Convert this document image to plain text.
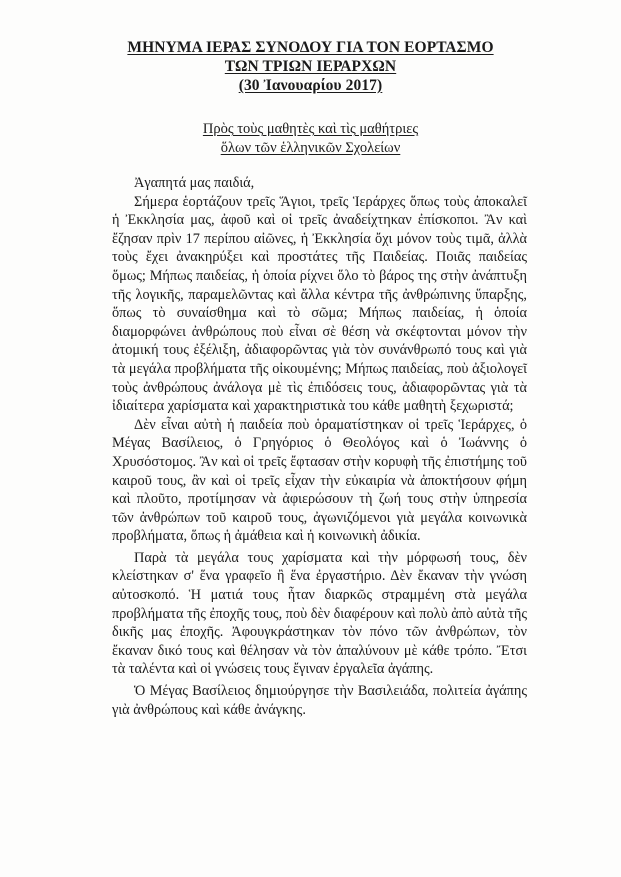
ΜΗΝΥΜΑ ΙΕΡΑΣ ΣΥΝΟΔΟΥ ΓΙΑ ΤΟΝ ΕΟΡΤΑΣΜΟ
ΤΩΝ ΤΡΙΩΝ ΙΕΡΑΡΧΩΝ
(30 Ἰανουαρίου 2017)
Πρὸς τοὺς μαθητὲς καὶ τὶς μαθήτριες
ὅλων τῶν ἑλληνικῶν Σχολείων

Ἀγαπητά μας παιδιά,

Σήμερα ἑορτάζουν τρεῖς Ἅγιοι, τρεῖς Ἱεράρχες ὅπως τοὺς ἀποκαλεῖ ἡ Ἐκκλησία μας, ἀφοῦ καὶ οἱ τρεῖς ἀναδείχτηκαν ἐπίσκοποι. Ἂν καὶ ἔζησαν πρὶν 17 περίπου αἰῶνες, ἡ Ἐκκλησία ὄχι μόνον τοὺς τιμᾶ, ἀλλὰ τοὺς ἔχει ἀνακηρύξει καὶ προστάτες τῆς Παιδείας. Ποιᾶς παιδείας ὅμως; Μήπως παιδείας, ἡ ὁποία ρίχνει ὅλο τὸ βάρος της στὴν ἀνάπτυξη τῆς λογικῆς, παραμελῶντας καὶ ἄλλα κέντρα τῆς ἀνθρώπινης ὕπαρξης, ὅπως τὸ συναίσθημα καὶ τὸ σῶμα; Μήπως παιδείας, ἡ ὁποία διαμορφώνει ἀνθρώπους ποὺ εἶναι σὲ θέση νὰ σκέφτονται μόνον τὴν ἀτομική τους ἐξέλιξη, ἀδιαφορῶντας γιὰ τὸν συνάνθρωπό τους καὶ γιὰ τὰ μεγάλα προβλήματα τῆς οἰκουμένης; Μήπως παιδείας, ποὺ ἀξιολογεῖ τοὺς ἀνθρώπους ἀνάλογα μὲ τὶς ἐπιδόσεις τους, ἀδιαφορῶντας γιὰ τὰ ἰδιαίτερα χαρίσματα καὶ χαρακτηριστικὰ του κάθε μαθητὴ ξεχωριστά;

Δὲν εἶναι αὐτὴ ἡ παιδεία ποὺ ὁραματίστηκαν οἱ τρεῖς Ἱεράρχες, ὁ Μέγας Βασίλειος, ὁ Γρηγόριος ὁ Θεολόγος καὶ ὁ Ἰωάννης ὁ Χρυσόστομος. Ἂν καὶ οἱ τρεῖς ἔφτασαν στὴν κορυφὴ τῆς ἐπιστήμης τοῦ καιροῦ τους, ἂν καὶ οἱ τρεῖς εἶχαν τὴν εὐκαιρία νὰ ἀποκτήσουν φήμη καὶ πλοῦτο, προτίμησαν νὰ ἀφιερώσουν τὴ ζωή τους στὴν ὑπηρεσία τῶν ἀνθρώπων τοῦ καιροῦ τους, ἀγωνιζόμενοι γιὰ μεγάλα κοινωνικὰ προβλήματα, ὅπως ἡ ἀμάθεια καὶ ἡ κοινωνικὴ ἀδικία.

Παρὰ τὰ μεγάλα τους χαρίσματα καὶ τὴν μόρφωσή τους, δὲν κλείστηκαν σ' ἕνα γραφεῖο ἢ ἕνα ἐργαστήριο. Δὲν ἔκαναν τὴν γνώση αὐτοσκοπό. Ἡ ματιά τους ἦταν διαρκῶς στραμμένη στὰ μεγάλα προβλήματα τῆς ἐποχῆς τους, ποὺ δὲν διαφέρουν καὶ πολὺ ἀπὸ αὐτὰ τῆς δικῆς μας ἐποχῆς. Ἀφουγκράστηκαν τὸν πόνο τῶν ἀνθρώπων, τὸν ἔκαναν δικό τους καὶ θέλησαν νὰ τὸν ἀπαλύνουν μὲ κάθε τρόπο. Ἔτσι τὰ ταλέντα καὶ οἱ γνώσεις τους ἔγιναν ἐργαλεῖα ἀγάπης.

Ὁ Μέγας Βασίλειος δημιούργησε τὴν Βασιλειάδα, πολιτεία ἀγάπης γιὰ ἀνθρώπους καὶ κάθε ἀνάγκης.
